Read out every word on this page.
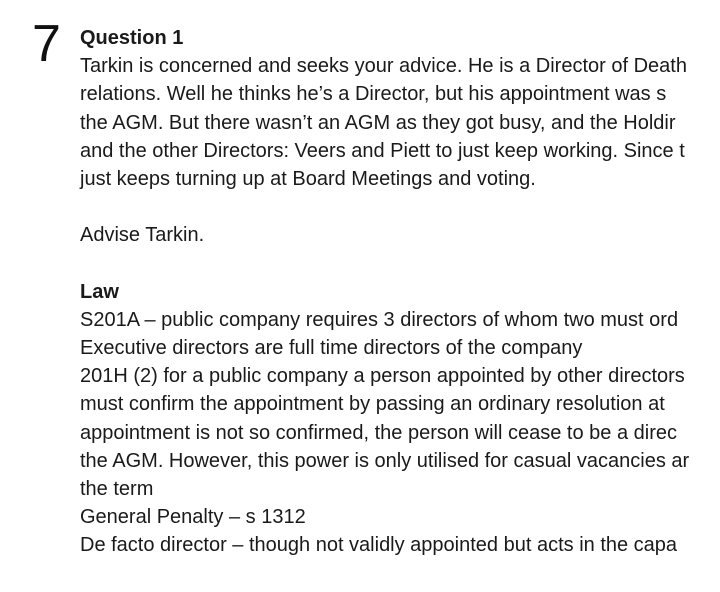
7 Question 1
Tarkin is concerned and seeks your advice. He is a Director of Death
relations. Well he thinks he’s a Director, but his appointment was s
the AGM. But there wasn’t an AGM as they got busy, and the Holdir
and the other Directors: Veers and Piett to just keep working. Since t
just keeps turning up at Board Meetings and voting.
Advise Tarkin.
Law
S201A – public company requires 3 directors of whom two must ord
Executive directors are full time directors of the company
201H (2) for a public company a person appointed by other directors
must confirm the appointment by passing an ordinary resolution at
appointment is not so confirmed, the person will cease to be a direc
the AGM. However, this power is only utilised for casual vacancies ar
the term
General Penalty – s 1312
De facto director – though not validly appointed but acts in the capa
